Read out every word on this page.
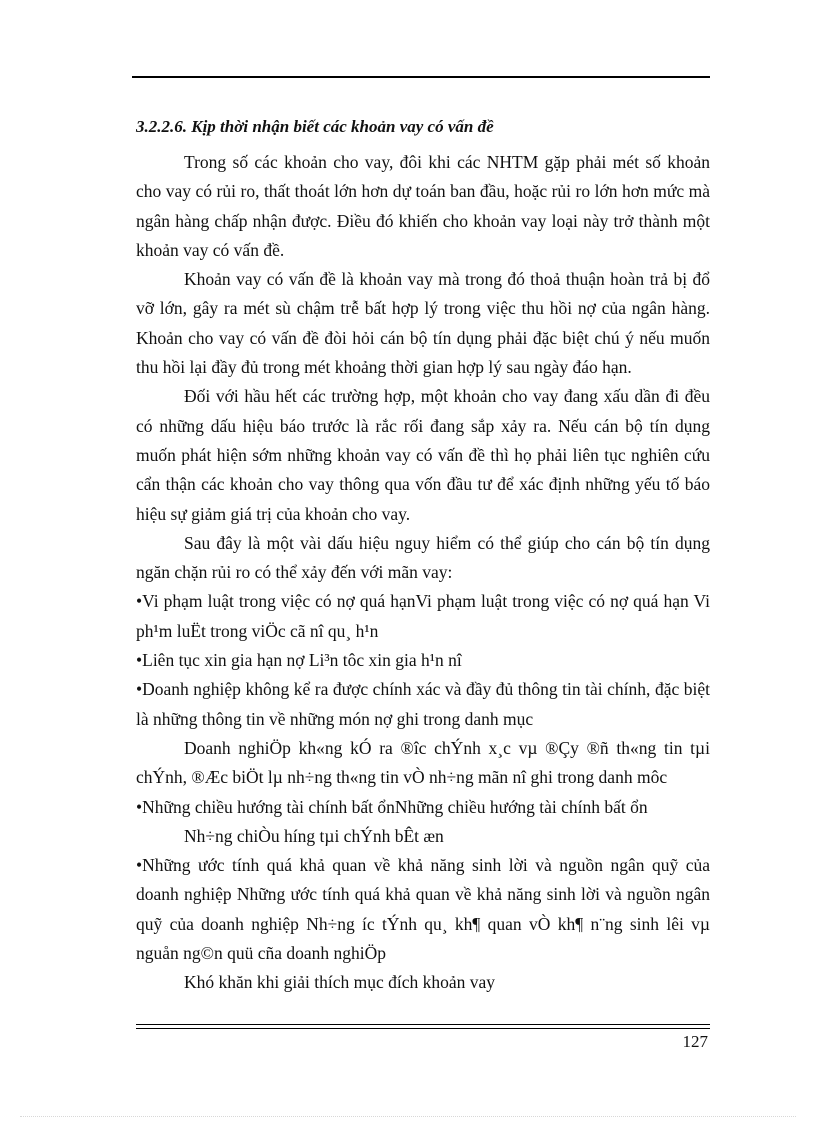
3.2.2.6. Kịp thời nhận biết các khoản vay có vấn đề

Trong số các khoản cho vay, đôi khi các NHTM gặp phải mét số khoản cho vay có rủi ro, thất thoát lớn hơn dự toán ban đầu, hoặc rủi ro lớn hơn mức mà ngân hàng chấp nhận được. Điều đó khiến cho khoản vay loại này trở thành một khoản vay có vấn đề.

Khoản vay có vấn đề là khoản vay mà trong đó thoả thuận hoàn trả bị đổ vỡ lớn, gây ra mét sù chậm trễ bất hợp lý trong việc thu hồi nợ của ngân hàng. Khoản cho vay có vấn đề đòi hỏi cán bộ tín dụng phải đặc biệt chú ý nếu muốn thu hồi lại đầy đủ trong mét khoảng thời gian hợp lý sau ngày đáo hạn.

Đối với hầu hết các trường hợp, một khoản cho vay đang xấu dần đi đều có những dấu hiệu báo trước là rắc rối đang sắp xảy ra. Nếu cán bộ tín dụng muốn phát hiện sớm những khoản vay có vấn đề thì họ phải liên tục nghiên cứu cẩn thận các khoản cho vay thông qua vốn đầu tư để xác định những yếu tố báo hiệu sự giảm giá trị của khoản cho vay.

Sau đây là một vài dấu hiệu nguy hiểm có thể giúp cho cán bộ tín dụng ngăn chặn rủi ro có thể xảy đến với mãn vay:

•Vi phạm luật trong việc có nợ quá hạnVi phạm luật trong việc có nợ quá hạn Vi ph¹m luËt trong viÖc cã nî qu¸ h¹n

•Liên tục xin gia hạn nợ Li³n tôc xin gia h¹n nî

•Doanh nghiệp không kể ra được chính xác và đầy đủ thông tin tài chính, đặc biệt là những thông tin về những món nợ ghi trong danh mục

Doanh nghiÖp kh«ng kÓ ra ®îc chÝnh x¸c vµ ®Çy ®ñ th«ng tin tµi chÝnh, ®Æc biÖt lµ nh÷ng th«ng tin vÒ nh÷ng mãn nî ghi trong danh môc

•Những chiều hướng tài chính bất ổnNhững chiều hướng tài chính bất ổn

Nh÷ng chiÒu híng tµi chÝnh bÊt æn

•Những ước tính quá khả quan về khả năng sinh lời và nguồn ngân quỹ của doanh nghiệp Những ước tính quá khả quan về khả năng sinh lời và nguồn ngân quỹ của doanh nghiệp Nh÷ng íc tÝnh qu¸ kh¶ quan vÒ kh¶ n¨ng sinh lêi vµ nguån ng©n quü cña doanh nghiÖp

Khó khăn khi giải thích mục đích khoản vay

127
